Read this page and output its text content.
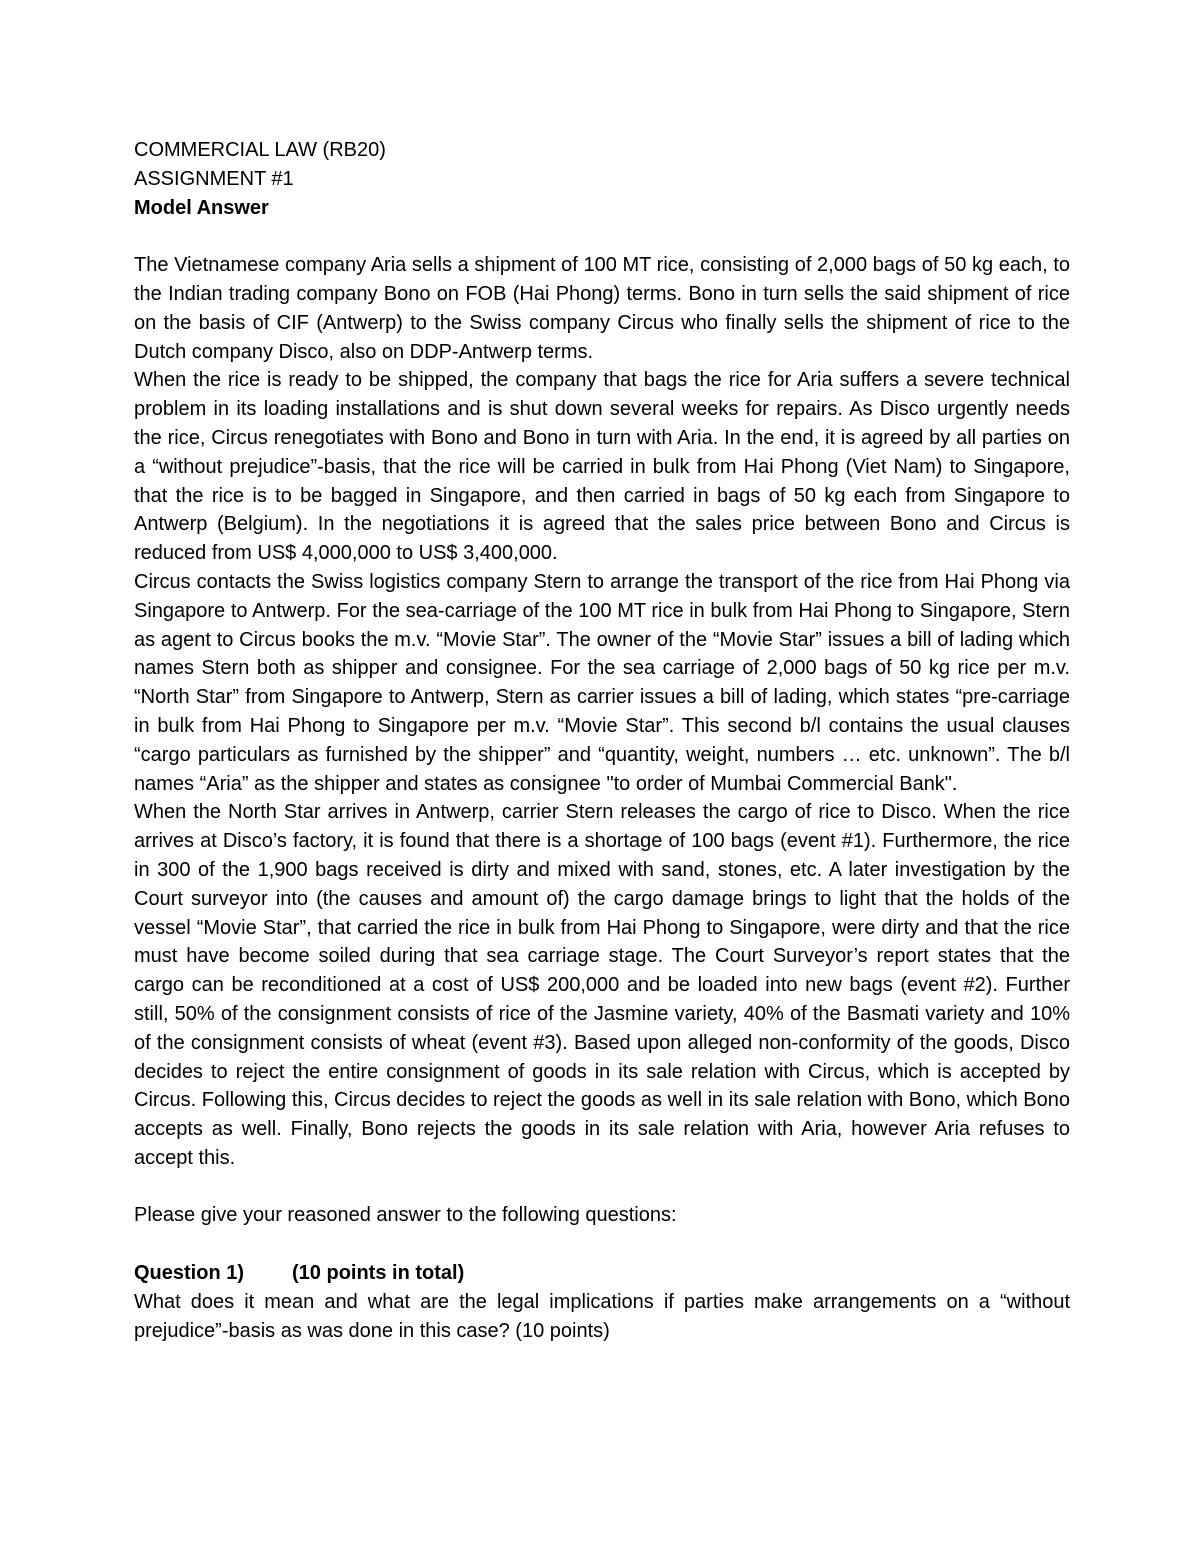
COMMERCIAL LAW (RB20)

ASSIGNMENT #1

Model Answer

The Vietnamese company Aria sells a shipment of 100 MT rice, consisting of 2,000 bags of 50 kg each, to the Indian trading company Bono on FOB (Hai Phong) terms. Bono in turn sells the said shipment of rice on the basis of CIF (Antwerp) to the Swiss company Circus who finally sells the shipment of rice to the Dutch company Disco, also on DDP-Antwerp terms.

When the rice is ready to be shipped, the company that bags the rice for Aria suffers a severe technical problem in its loading installations and is shut down several weeks for repairs. As Disco urgently needs the rice, Circus renegotiates with Bono and Bono in turn with Aria. In the end, it is agreed by all parties on a “without prejudice”-basis, that the rice will be carried in bulk from Hai Phong (Viet Nam) to Singapore, that the rice is to be bagged in Singapore, and then carried in bags of 50 kg each from Singapore to Antwerp (Belgium). In the negotiations it is agreed that the sales price between Bono and Circus is reduced from US$ 4,000,000 to US$ 3,400,000.

Circus contacts the Swiss logistics company Stern to arrange the transport of the rice from Hai Phong via Singapore to Antwerp. For the sea-carriage of the 100 MT rice in bulk from Hai Phong to Singapore, Stern as agent to Circus books the m.v. “Movie Star”. The owner of the “Movie Star” issues a bill of lading which names Stern both as shipper and consignee. For the sea carriage of 2,000 bags of 50 kg rice per m.v. “North Star” from Singapore to Antwerp, Stern as carrier issues a bill of lading, which states “pre-carriage in bulk from Hai Phong to Singapore per m.v. “Movie Star”. This second b/l contains the usual clauses “cargo particulars as furnished by the shipper” and “quantity, weight, numbers … etc. unknown”. The b/l names “Aria” as the shipper and states as consignee "to order of Mumbai Commercial Bank".

When the North Star arrives in Antwerp, carrier Stern releases the cargo of rice to Disco. When the rice arrives at Disco’s factory, it is found that there is a shortage of 100 bags (event #1). Furthermore, the rice in 300 of the 1,900 bags received is dirty and mixed with sand, stones, etc. A later investigation by the Court surveyor into (the causes and amount of) the cargo damage brings to light that the holds of the vessel “Movie Star”, that carried the rice in bulk from Hai Phong to Singapore, were dirty and that the rice must have become soiled during that sea carriage stage. The Court Surveyor’s report states that the cargo can be reconditioned at a cost of US$ 200,000 and be loaded into new bags (event #2). Further still, 50% of the consignment consists of rice of the Jasmine variety, 40% of the Basmati variety and 10% of the consignment consists of wheat (event #3). Based upon alleged non-conformity of the goods, Disco decides to reject the entire consignment of goods in its sale relation with Circus, which is accepted by Circus. Following this, Circus decides to reject the goods as well in its sale relation with Bono, which Bono accepts as well. Finally, Bono rejects the goods in its sale relation with Aria, however Aria refuses to accept this.

Please give your reasoned answer to the following questions:

Question 1) (10 points in total)

What does it mean and what are the legal implications if parties make arrangements on a “without prejudice”-basis as was done in this case? (10 points)
